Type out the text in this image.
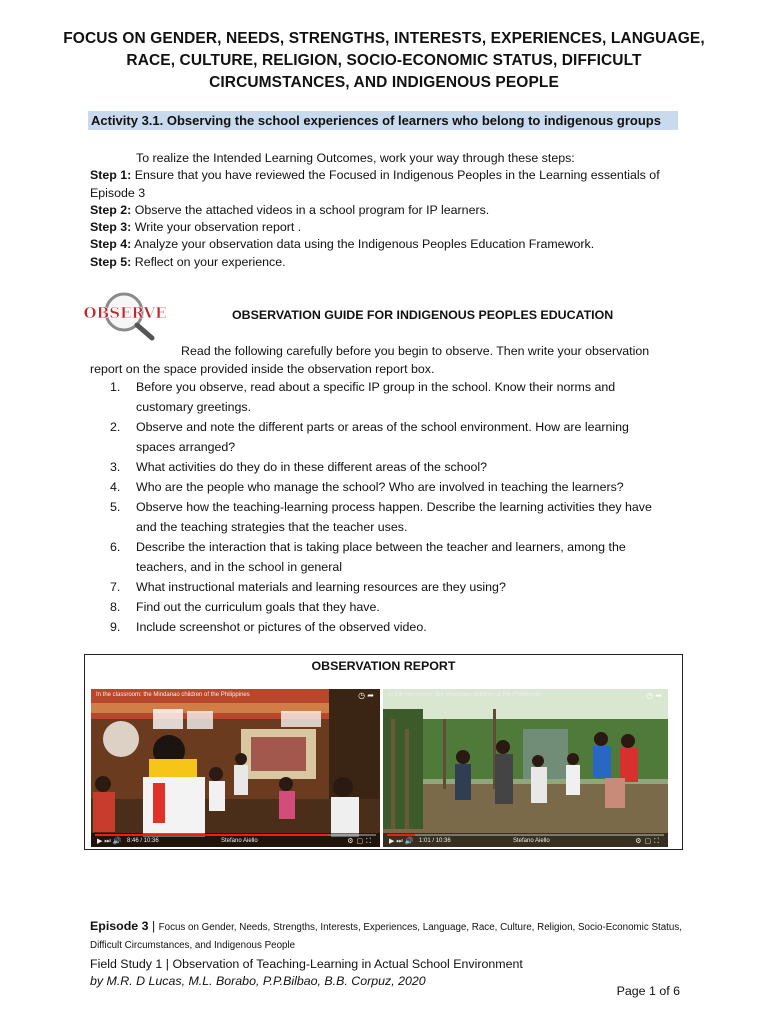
FOCUS ON GENDER, NEEDS, STRENGTHS, INTERESTS, EXPERIENCES, LANGUAGE,
RACE, CULTURE, RELIGION, SOCIO-ECONOMIC STATUS, DIFFICULT
CIRCUMSTANCES, AND INDIGENOUS PEOPLE
Activity 3.1. Observing the school experiences of learners who belong to indigenous groups
To realize the Intended Learning Outcomes, work your way through these steps:
Step 1: Ensure that you have reviewed the Focused in Indigenous Peoples in the Learning essentials of Episode 3
Step 2: Observe the attached videos in a school program for IP learners.
Step 3: Write your observation report .
Step 4: Analyze your observation data using the Indigenous Peoples Education Framework.
Step 5: Reflect on your experience.
OBSERVE	OBSERVATION GUIDE FOR INDIGENOUS PEOPLES EDUCATION
Read the following carefully before you begin to observe. Then write your observation report on the space provided inside the observation report box.
1. Before you observe, read about a specific IP group in the school. Know their norms and customary greetings.
2. Observe and note the different parts or areas of the school environment. How are learning spaces arranged?
3. What activities do they do in these different areas of the school?
4. Who are the people who manage the school? Who are involved in teaching the learners?
5. Observe how the teaching-learning process happen. Describe the learning activities they have and the teaching strategies that the teacher uses.
6. Describe the interaction that is taking place between the teacher and learners, among the teachers, and in the school in general
7. What instructional materials and learning resources are they using?
8. Find out the curriculum goals that they have.
9. Include screenshot or pictures of the observed video.
OBSERVATION REPORT
In the classroom: the Mindanao children of the Philippines	◷ ➦
▶ ⏭ 🔊 8:46 / 10:36	Stefano Aiello	⚙▢⛶
In the classroom: the Mindanao children of the Philippines	◷ ➦
▶ ⏭ 🔊 1:01 / 10:36	Stefano Aiello	⚙▢⛶
Episode 3 | Focus on Gender, Needs, Strengths, Interests, Experiences, Language, Race, Culture, Religion, Socio-Economic Status, Difficult Circumstances, and Indigenous People
Field Study 1 | Observation of Teaching-Learning in Actual School Environment
by M.R. D Lucas, M.L. Borabo, P.P.Bilbao, B.B. Corpuz, 2020
Page 1 of 6
